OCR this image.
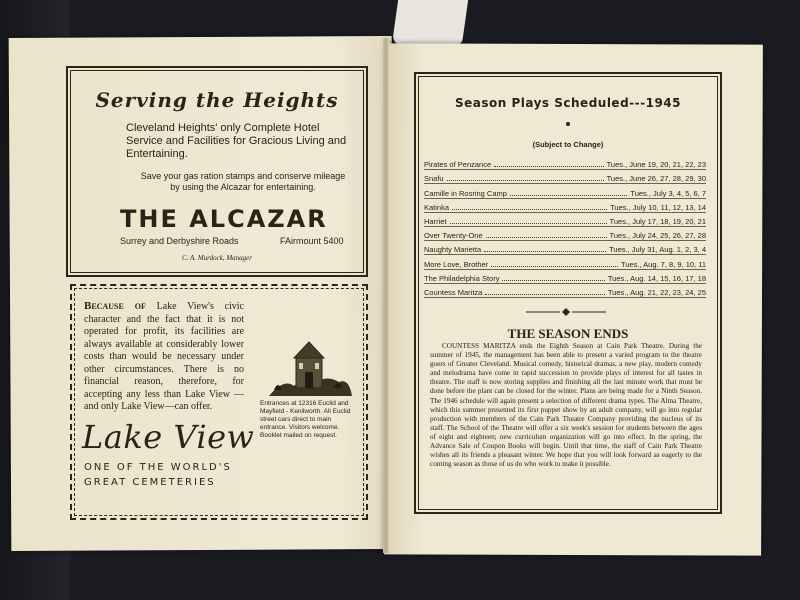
Serving the Heights
Cleveland Heights' only Complete Hotel Service and Facilities for Gracious Living and Entertaining.
Save your gas ration stamps and conserve mileage by using the Alcazar for entertaining.
THE ALCAZAR
Surrey and Derbyshire Roads	FAirmount 5400
C. A. Murdock, Manager
Because of Lake View's civic character and the fact that it is not operated for profit, its facilities are always available at considerably lower costs than would be necessary under other circumstances. There is no financial reason, therefore, for accepting any less than Lake View —and only Lake View—can offer.	Entrances at 12316 Euclid and Mayfield - Kenilworth. All Euclid street cars direct to main entrance. Visitors welcome. Booklet mailed on request.
Lake View
ONE OF THE WORLD'S
GREAT CEMETERIES
Season Plays Scheduled---1945
(Subject to Change)
Pirates of Penzance	Tues., June 19, 20, 21, 22, 23
Snafu	Tues., June 26, 27, 28, 29, 30
Camille in Rosring Camp	Tues., July 3, 4, 5, 6, 7
Katinka	Tues., July 10, 11, 12, 13, 14
Harriet	Tues., July 17, 18, 19, 20, 21
Over Twenty-One	Tues., July 24, 25, 26, 27, 28
Naughty Marietta	Tues., July 31, Aug. 1, 2, 3, 4
More Love, Brother	Tues., Aug. 7, 8, 9, 10, 11
The Philadelphia Story	Tues., Aug. 14, 15, 16, 17, 18
Countess Maritza	Tues., Aug. 21, 22, 23, 24, 25
THE SEASON ENDS
COUNTESS MARITZA ends the Eighth Season at Cain Park Theatre. During the summer of 1945, the management has been able to present a varied program to the theatre goers of Greater Cleveland. Musical comedy, historical dramas, a new play, modern comedy and melodrama have come in rapid succession to provide plays of interest for all tastes in theatre. The staff is now storing supplies and finishing all the last minute work that must be done before the plant can be closed for the winter. Plans are being made for a Ninth Season. The 1946 schedule will again present a selection of different drama types. The Alma Theatre, which this summer presented its first puppet show by an adult company, will go into regular production with members of the Cain Park Theatre Company providing the nucleus of its staff. The School of the Theatre will offer a six week's session for students between the ages of eight and eighteen; new curriculum organization will go into effect. In the spring, the Advance Sale of Coupon Books will begin. Until that time, the staff of Cain Park Theatre wishes all its friends a pleasant winter. We hope that you will look forward as eagerly to the coming season as those of us do who work to make it possible.
